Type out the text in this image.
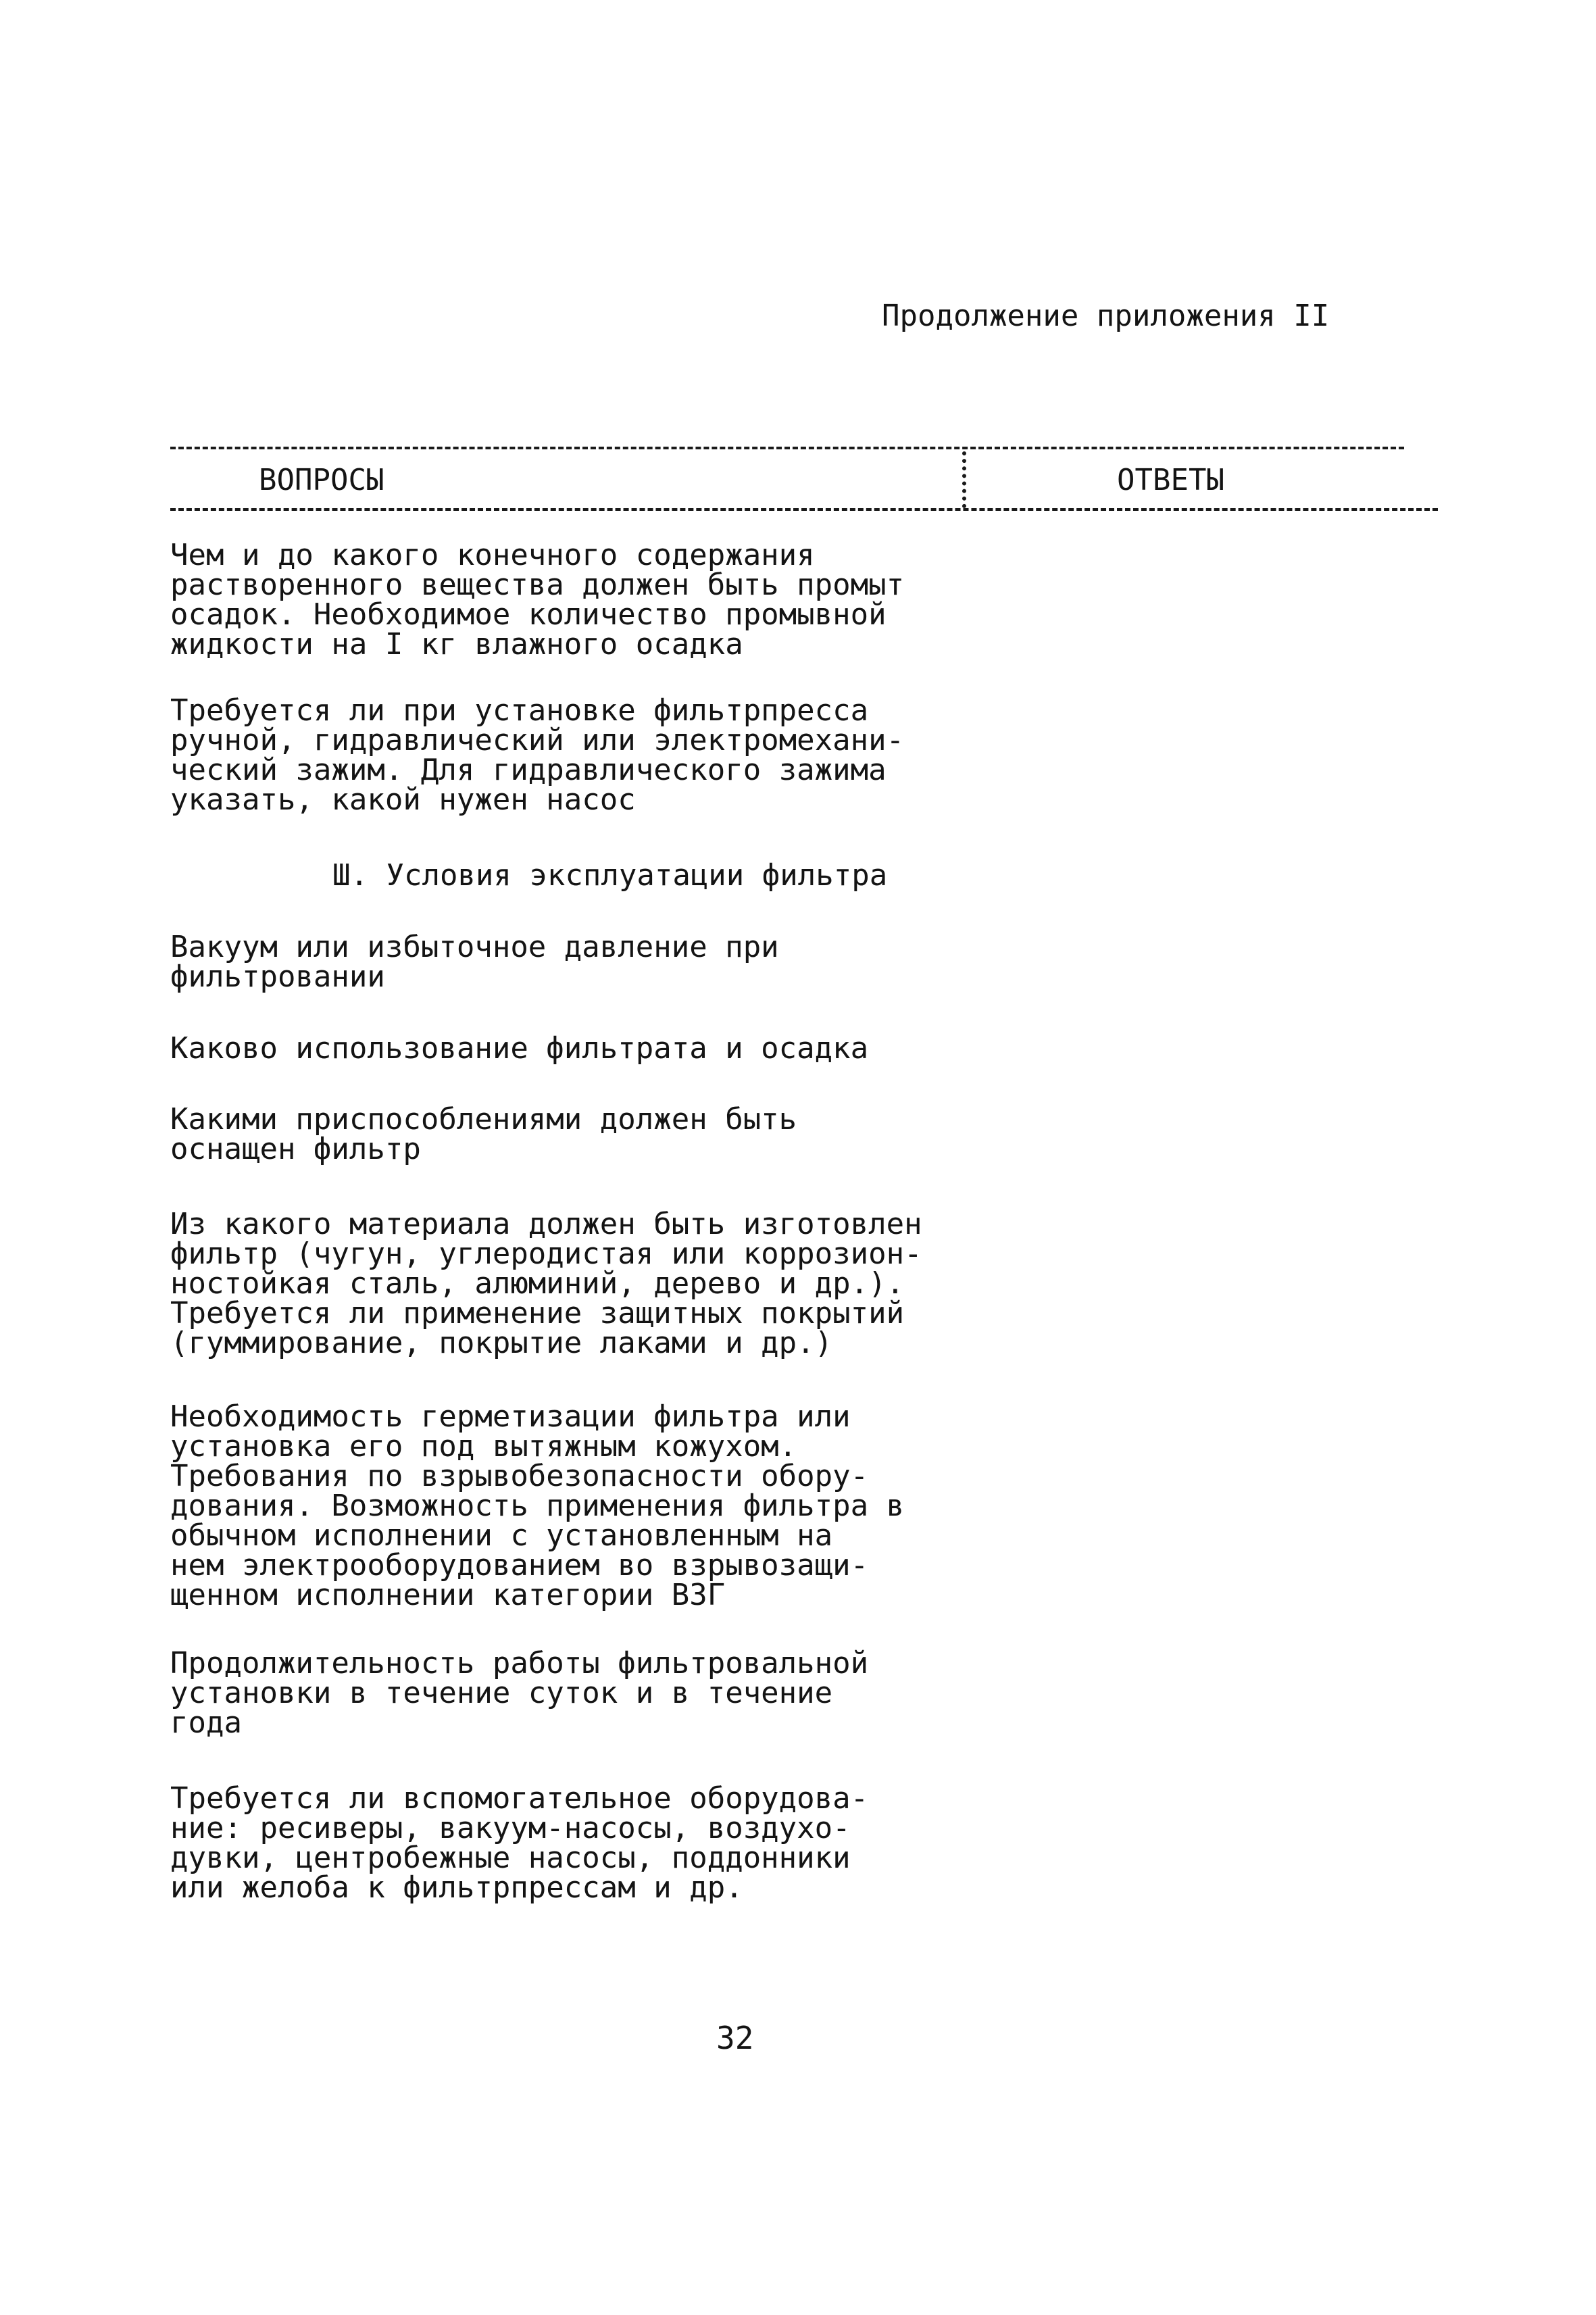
Продолжение приложения II
ВОПРОСЫ	ОТВЕТЫ

Чем и до какого конечного содержания
растворенного вещества должен быть промыт
осадок. Необходимое количество промывной
жидкости на I кг влажного осадка

Требуется ли при установке фильтрпресса
ручной, гидравлический или электромехани-
ческий зажим. Для гидравлического зажима
указать, какой нужен насос

Ш. Условия эксплуатации фильтра

Вакуум или избыточное давление при
фильтровании

Каково использование фильтрата и осадка

Какими приспособлениями должен быть
оснащен фильтр

Из какого материала должен быть изготовлен
фильтр (чугун, углеродистая или коррозион-
ностойкая сталь, алюминий, дерево и др.).
Требуется ли применение защитных покрытий
(гуммирование, покрытие лаками и др.)

Необходимость герметизации фильтра или
установка его под вытяжным кожухом.
Требования по взрывобезопасности обору-
дования. Возможность применения фильтра в
обычном исполнении с установленным на
нем электрооборудованием во взрывозащи-
щенном исполнении категории ВЗГ

Продолжительность работы фильтровальной
установки в течение суток и в течение
года

Требуется ли вспомогательное оборудова-
ние: ресиверы, вакуум-насосы, воздухо-
дувки, центробежные насосы, поддонники
или желоба к фильтрпрессам и др.

32
